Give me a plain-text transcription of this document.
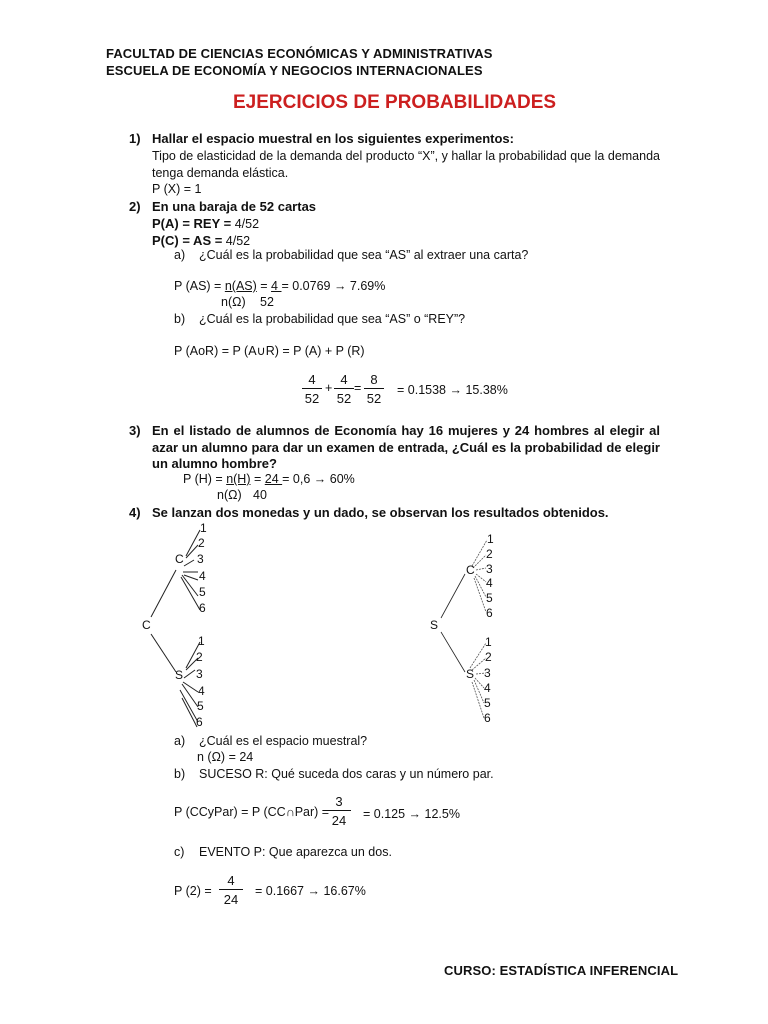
FACULTAD DE CIENCIAS ECONÓMICAS Y ADMINISTRATIVAS
ESCUELA DE ECONOMÍA Y NEGOCIOS INTERNACIONALES
EJERCICIOS DE PROBABILIDADES
1) Hallar el espacio muestral en los siguientes experimentos:
Tipo de elasticidad de la demanda del producto “X”, y hallar la probabilidad que la demanda tenga demanda elástica.
P (X) = 1
2) En una baraja de 52 cartas
P(A) = REY = 4/52
P(C) = AS = 4/52
a) ¿Cuál es la probabilidad que sea “AS” al extraer una carta?
P (AS) = n(AS) = 4 = 0.0769 → 7.69%
n(Ω) 52
b) ¿Cuál es la probabilidad que sea “AS” o “REY”?
P (AoR) = P (A∪R) = P (A) + P (R)
$\frac{4}{52} + \frac{4}{52} = \frac{8}{52} = 0.1538 \to 15.38\%$
3) En el listado de alumnos de Economía hay 16 mujeres y 24 hombres al elegir al azar un alumno para dar un examen de entrada, ¿Cuál es la probabilidad de elegir un alumno hombre?
P (H) = n(H) = 24 = 0,6 → 60%
n(Ω) 40
4) Se lanzan dos monedas y un dado, se observan los resultados obtenidos.
C
C
S
1
2
3
4
5
6
1
2
3
4
5
6
S
C
S
1
2
3
4
5
6
1
2
3
4
5
6
a) ¿Cuál es el espacio muestral?
n (Ω) = 24
b) SUCESO R: Qué suceda dos caras y un número par.
P (CCyPar) = P (CC∩Par) =
$\frac{3}{24} = 0.125 \to 12.5\%$
c) EVENTO P: Que aparezca un dos.
P $(2) = \frac{4}{24} = 0.1667 \to 16.67\%$
CURSO: ESTADÍSTICA INFERENCIAL
